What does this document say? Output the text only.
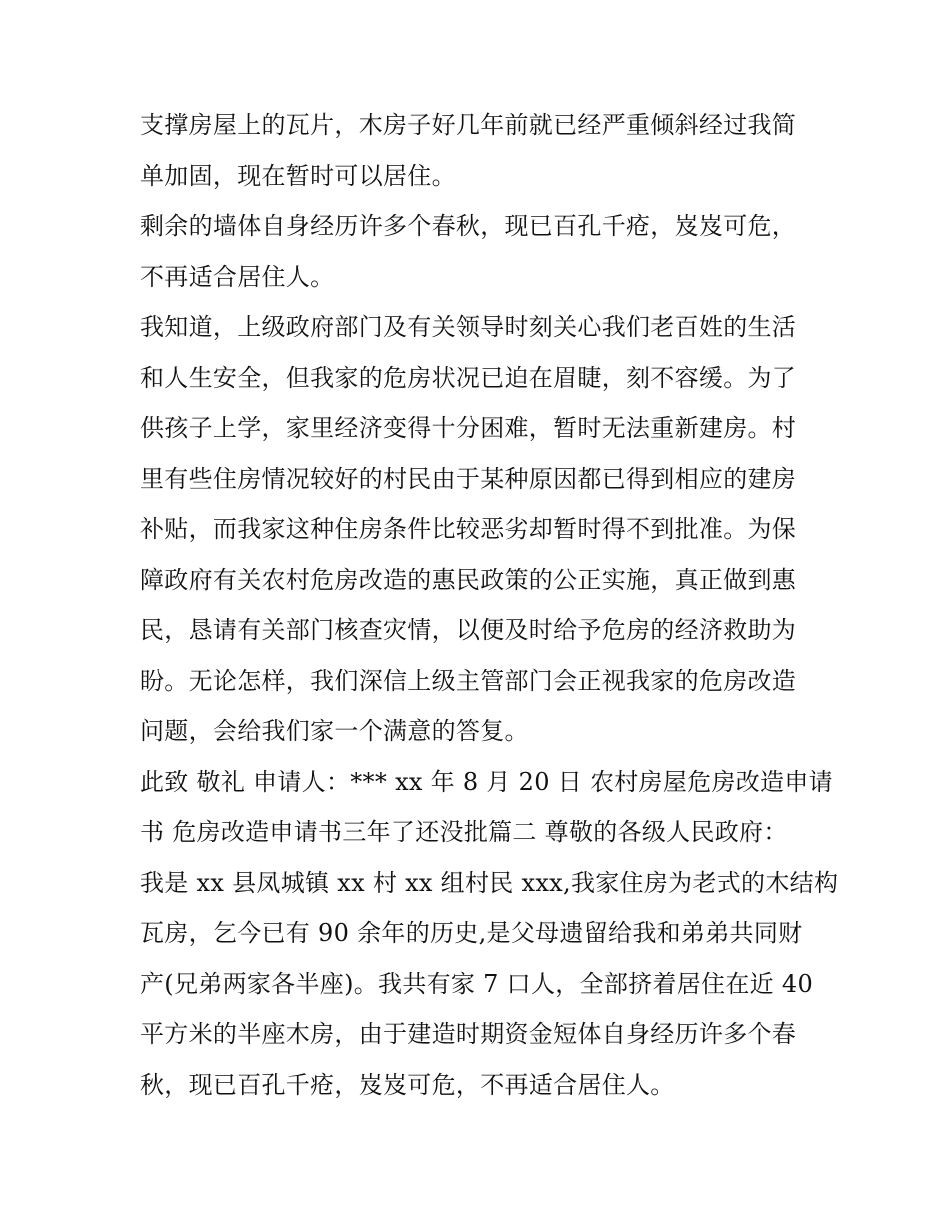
支撑房屋上的瓦片，木房子好几年前就已经严重倾斜经过我简
单加固，现在暂时可以居住。
剩余的墙体自身经历许多个春秋，现已百孔千疮，岌岌可危，
不再适合居住人。
我知道，上级政府部门及有关领导时刻关心我们老百姓的生活
和人生安全，但我家的危房状况已迫在眉睫，刻不容缓。为了
供孩子上学，家里经济变得十分困难，暂时无法重新建房。村
里有些住房情况较好的村民由于某种原因都已得到相应的建房
补贴，而我家这种住房条件比较恶劣却暂时得不到批准。为保
障政府有关农村危房改造的惠民政策的公正实施，真正做到惠
民，恳请有关部门核查灾情，以便及时给予危房的经济救助为
盼。无论怎样，我们深信上级主管部门会正视我家的危房改造
问题，会给我们家一个满意的答复。
此致 敬礼 申请人：*** xx 年 8 月 20 日 农村房屋危房改造申请
书 危房改造申请书三年了还没批篇二 尊敬的各级人民政府：
我是 xx 县凤城镇 xx 村 xx 组村民 xxx,我家住房为老式的木结构
瓦房，乞今已有 90 余年的历史,是父母遗留给我和弟弟共同财
产(兄弟两家各半座)。我共有家 7 口人，全部挤着居住在近 40
平方米的半座木房，由于建造时期资金短体自身经历许多个春
秋，现已百孔千疮，岌岌可危，不再适合居住人。
